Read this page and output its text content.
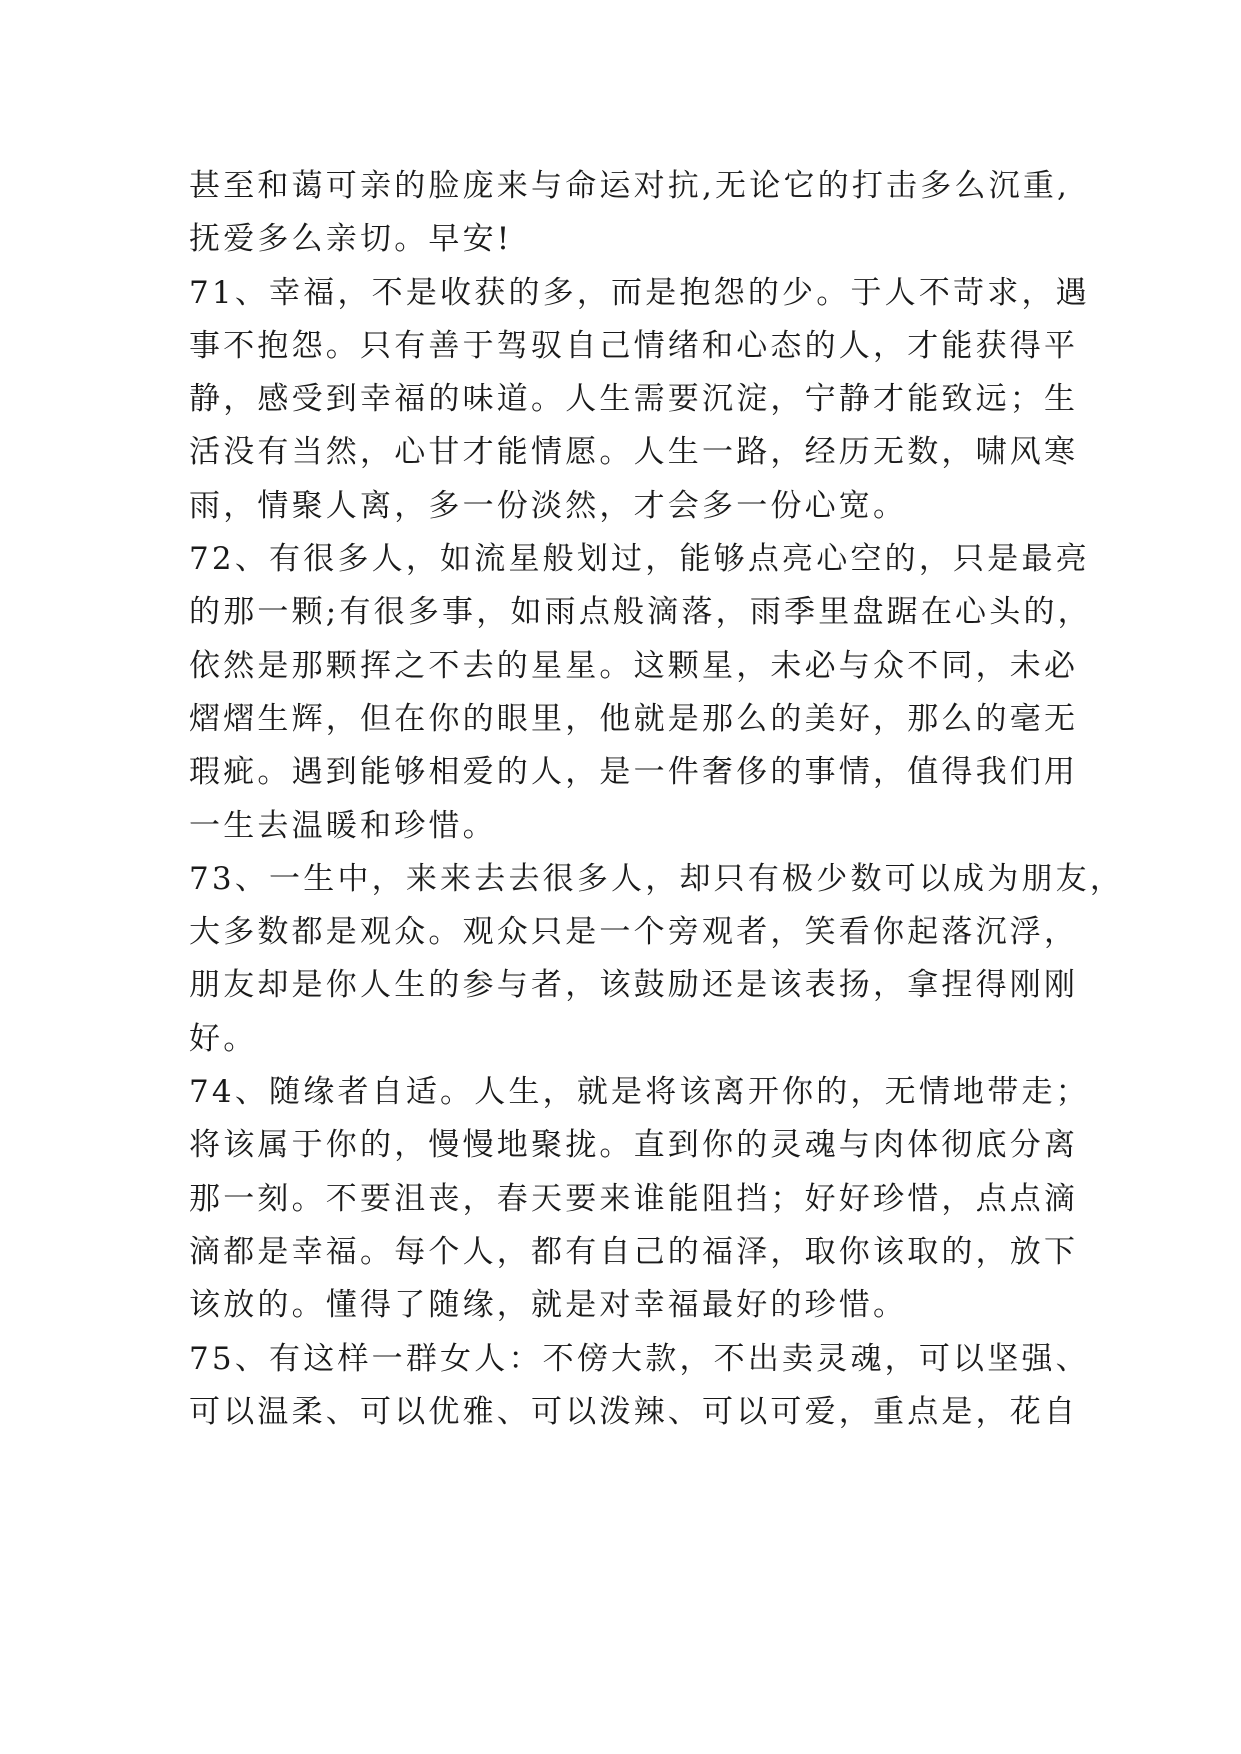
甚至和蔼可亲的脸庞来与命运对抗,无论它的打击多么沉重,
抚爱多么亲切。早安!
71、幸福，不是收获的多，而是抱怨的少。于人不苛求，遇
事不抱怨。只有善于驾驭自己情绪和心态的人，才能获得平
静，感受到幸福的味道。人生需要沉淀，宁静才能致远；生
活没有当然，心甘才能情愿。人生一路，经历无数，啸风寒
雨，情聚人离，多一份淡然，才会多一份心宽。
72、有很多人，如流星般划过，能够点亮心空的，只是最亮
的那一颗;有很多事，如雨点般滴落，雨季里盘踞在心头的，
依然是那颗挥之不去的星星。这颗星，未必与众不同，未必
熠熠生辉，但在你的眼里，他就是那么的美好，那么的毫无
瑕疵。遇到能够相爱的人，是一件奢侈的事情，值得我们用
一生去温暖和珍惜。
73、一生中，来来去去很多人，却只有极少数可以成为朋友，
大多数都是观众。观众只是一个旁观者，笑看你起落沉浮，
朋友却是你人生的参与者，该鼓励还是该表扬，拿捏得刚刚
好。
74、随缘者自适。人生，就是将该离开你的，无情地带走；
将该属于你的，慢慢地聚拢。直到你的灵魂与肉体彻底分离
那一刻。不要沮丧，春天要来谁能阻挡；好好珍惜，点点滴
滴都是幸福。每个人，都有自己的福泽，取你该取的，放下
该放的。懂得了随缘，就是对幸福最好的珍惜。
75、有这样一群女人：不傍大款，不出卖灵魂，可以坚强、
可以温柔、可以优雅、可以泼辣、可以可爱，重点是，花自
